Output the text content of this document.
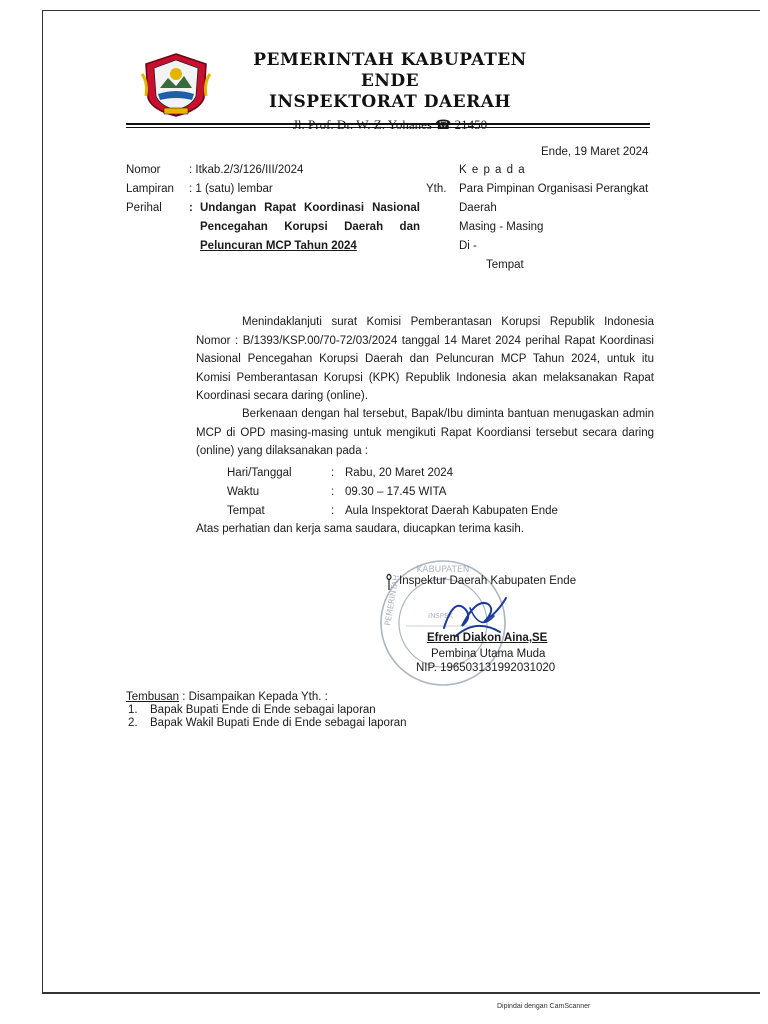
PEMERINTAH KABUPATEN ENDE
INSPEKTORAT DAERAH
Jl. Prof. Dr. W. Z. Yohanes ☎ 21450
Ende, 19 Maret 2024
Nomor : Itkab.2/3/126/III/2024
Lampiran : 1 (satu) lembar
Perihal : Undangan Rapat Koordinasi Nasional
Pencegahan Korupsi Daerah dan
Peluncuran MCP Tahun 2024
K e p a d a
Yth. Para Pimpinan Organisasi Perangkat
Daerah
Masing - Masing
Di -
Tempat
Menindaklanjuti surat Komisi Pemberantasan Korupsi Republik Indonesia
Nomor : B/1393/KSP.00/70-72/03/2024 tanggal 14 Maret 2024 perihal Rapat Koordinasi
Nasional Pencegahan Korupsi Daerah dan Peluncuran MCP Tahun 2024, untuk itu
Komisi Pemberantasan Korupsi (KPK) Republik Indonesia akan melaksanakan Rapat
Koordinasi secara daring (online).
Berkenaan dengan hal tersebut, Bapak/Ibu diminta bantuan menugaskan admin
MCP di OPD masing-masing untuk mengikuti Rapat Koordiansi tersebut secara daring
(online) yang dilaksanakan pada :
Hari/Tanggal	: Rabu, 20 Maret 2024
Waktu	: 09.30 – 17.45 WITA
Tempat	: Aula Inspektorat Daerah Kabupaten Ende
Atas perhatian dan kerja sama saudara, diucapkan terima kasih.
KABUPATEN
PEMERINTAH	INSPEK
Inspektur Daerah Kabupaten Ende
Efrem Diakon Aina,SE
Pembina Utama Muda
NIP. 196503131992031020
Tembusan : Disampaikan Kepada Yth. :
1. Bapak Bupati Ende di Ende sebagai laporan
2. Bapak Wakil Bupati Ende di Ende sebagai laporan
Dipindai dengan CamScanner
